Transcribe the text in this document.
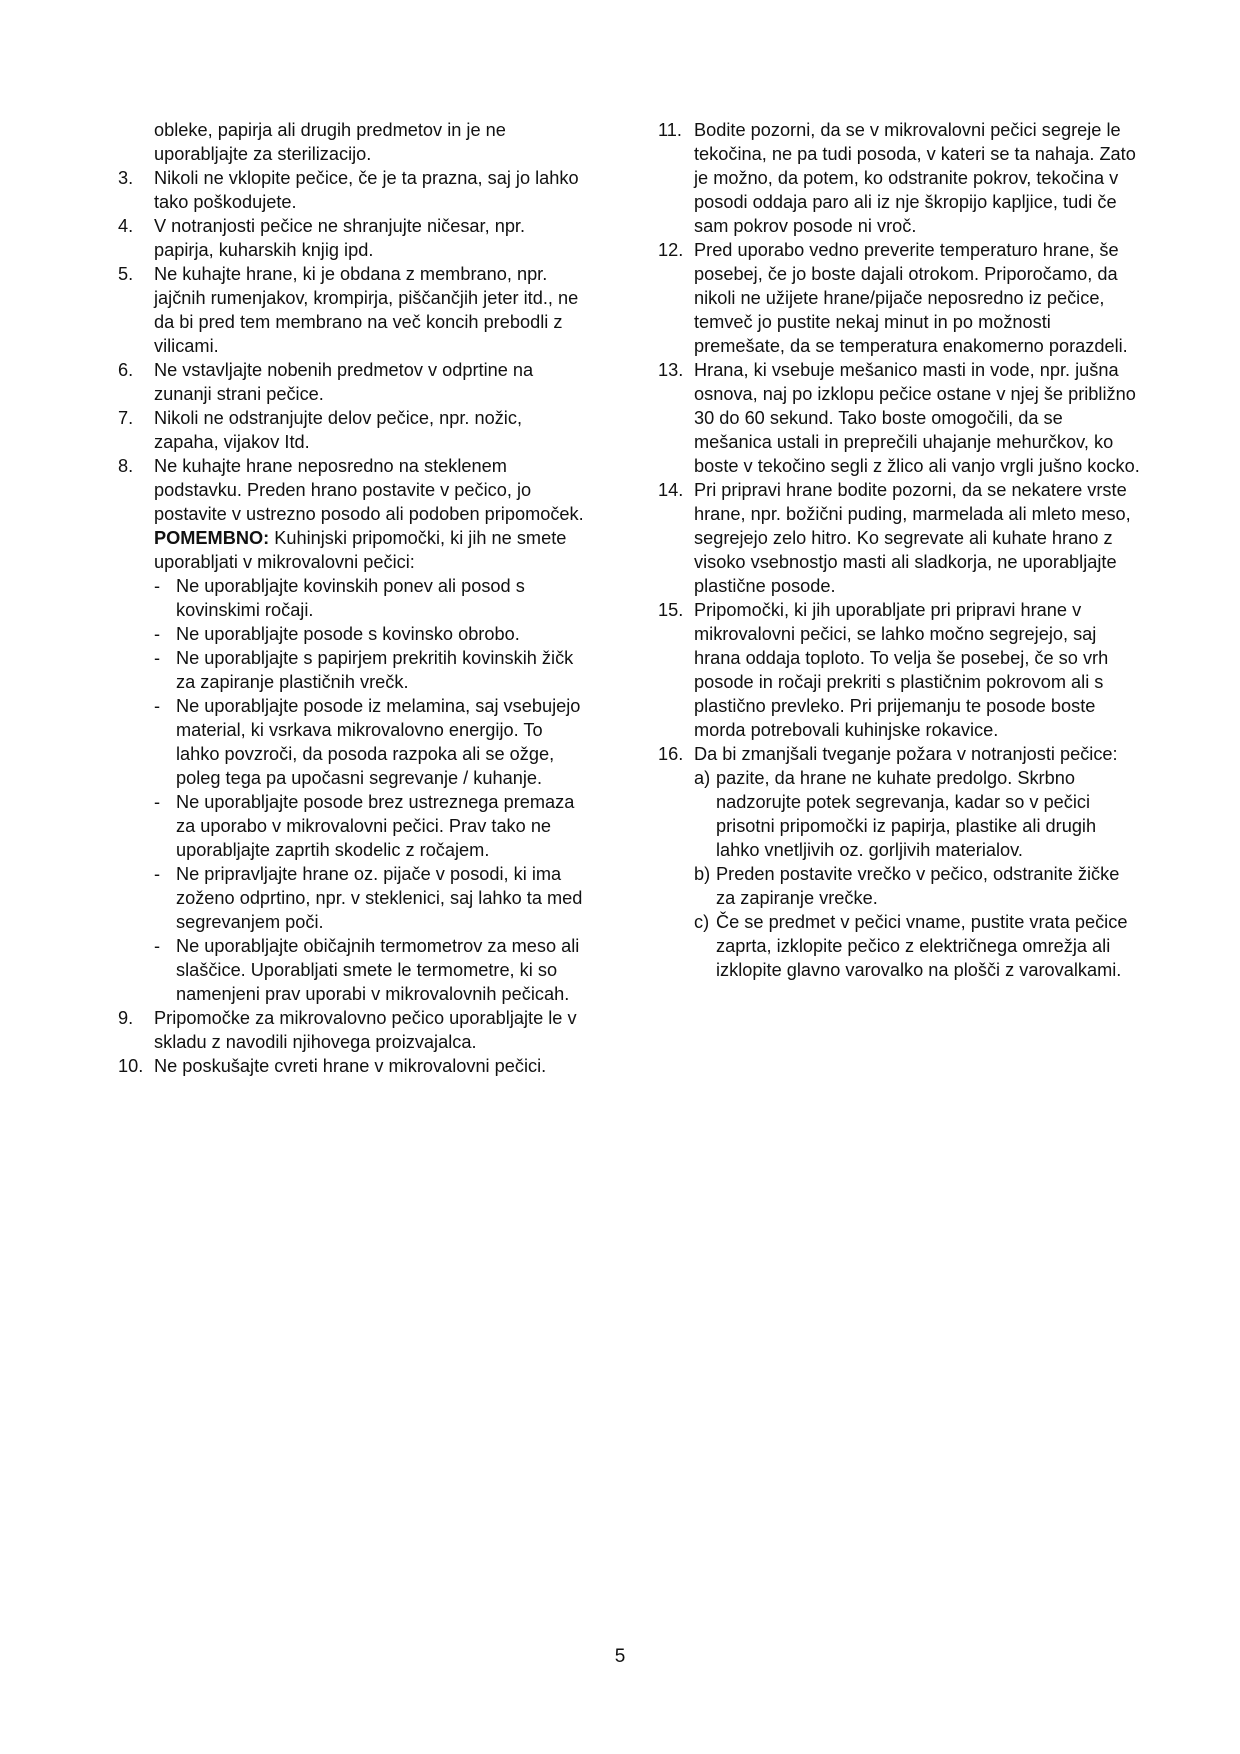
obleke, papirja ali drugih predmetov in je ne uporabljajte za sterilizacijo.
3.	Nikoli ne vklopite pečice, če je ta prazna, saj jo lahko tako poškodujete.
4.	V notranjosti pečice ne shranjujte ničesar, npr. papirja, kuharskih knjig ipd.
5.	Ne kuhajte hrane, ki je obdana z membrano, npr. jajčnih rumenjakov, krompirja, piščančjih jeter itd., ne da bi pred tem membrano na več koncih prebodli z vilicami.
6.	Ne vstavljajte nobenih predmetov v odprtine na zunanji strani pečice.
7.	Nikoli ne odstranjujte delov pečice, npr. nožic, zapaha, vijakov Itd.
8.	Ne kuhajte hrane neposredno na steklenem podstavku. Preden hrano postavite v pečico, jo postavite v ustrezno posodo ali podoben pripomoček.
POMEMBNO: Kuhinjski pripomočki, ki jih ne smete uporabljati v mikrovalovni pečici:
- Ne uporabljajte kovinskih ponev ali posod s kovinskimi ročaji.
- Ne uporabljajte posode s kovinsko obrobo.
- Ne uporabljajte s papirjem prekritih kovinskih žičk za zapiranje plastičnih vrečk.
- Ne uporabljajte posode iz melamina, saj vsebujejo material, ki vsrkava mikrovalovno energijo. To lahko povzroči, da posoda razpoka ali se ožge, poleg tega pa upočasni segrevanje / kuhanje.
- Ne uporabljajte posode brez ustreznega premaza za uporabo v mikrovalovni pečici. Prav tako ne uporabljajte zaprtih skodelic z ročajem.
- Ne pripravljajte hrane oz. pijače v posodi, ki ima zoženo odprtino, npr. v steklenici, saj lahko ta med segrevanjem poči.
- Ne uporabljajte običajnih termometrov za meso ali slaščice. Uporabljati smete le termometre, ki so namenjeni prav uporabi v mikrovalovnih pečicah.
9.	Pripomočke za mikrovalovno pečico uporabljajte le v skladu z navodili njihovega proizvajalca.
10. Ne poskušajte cvreti hrane v mikrovalovni pečici.
11. Bodite pozorni, da se v mikrovalovni pečici segreje le tekočina, ne pa tudi posoda, v kateri se ta nahaja. Zato je možno, da potem, ko odstranite pokrov, tekočina v posodi oddaja paro ali iz nje škropijo kapljice, tudi če sam pokrov posode ni vroč.
12. Pred uporabo vedno preverite temperaturo hrane, še posebej, če jo boste dajali otrokom. Priporočamo, da nikoli ne užijete hrane/pijače neposredno iz pečice, temveč jo pustite nekaj minut in po možnosti premešate, da se temperatura enakomerno porazdeli.
13. Hrana, ki vsebuje mešanico masti in vode, npr. jušna osnova, naj po izklopu pečice ostane v njej še približno 30 do 60 sekund. Tako boste omogočili, da se mešanica ustali in preprečili uhajanje mehurčkov, ko boste v tekočino segli z žlico ali vanjo vrgli jušno kocko.
14. Pri pripravi hrane bodite pozorni, da se nekatere vrste hrane, npr. božični puding, marmelada ali mleto meso, segrejejo zelo hitro. Ko segrevate ali kuhate hrano z visoko vsebnostjo masti ali sladkorja, ne uporabljajte plastične posode.
15. Pripomočki, ki jih uporabljate pri pripravi hrane v mikrovalovni pečici, se lahko močno segrejejo, saj hrana oddaja toploto. To velja še posebej, če so vrh posode in ročaji prekriti s plastičnim pokrovom ali s plastično prevleko. Pri prijemanju te posode boste morda potrebovali kuhinjske rokavice.
16. Da bi zmanjšali tveganje požara v notranjosti pečice:
a) pazite, da hrane ne kuhate predolgo. Skrbno nadzorujte potek segrevanja, kadar so v pečici prisotni pripomočki iz papirja, plastike ali drugih lahko vnetljivih oz. gorljivih materialov.
b) Preden postavite vrečko v pečico, odstranite žičke za zapiranje vrečke.
c) Če se predmet v pečici vname, pustite vrata pečice zaprta, izklopite pečico z električnega omrežja ali izklopite glavno varovalko na plošči z varovalkami.
5
